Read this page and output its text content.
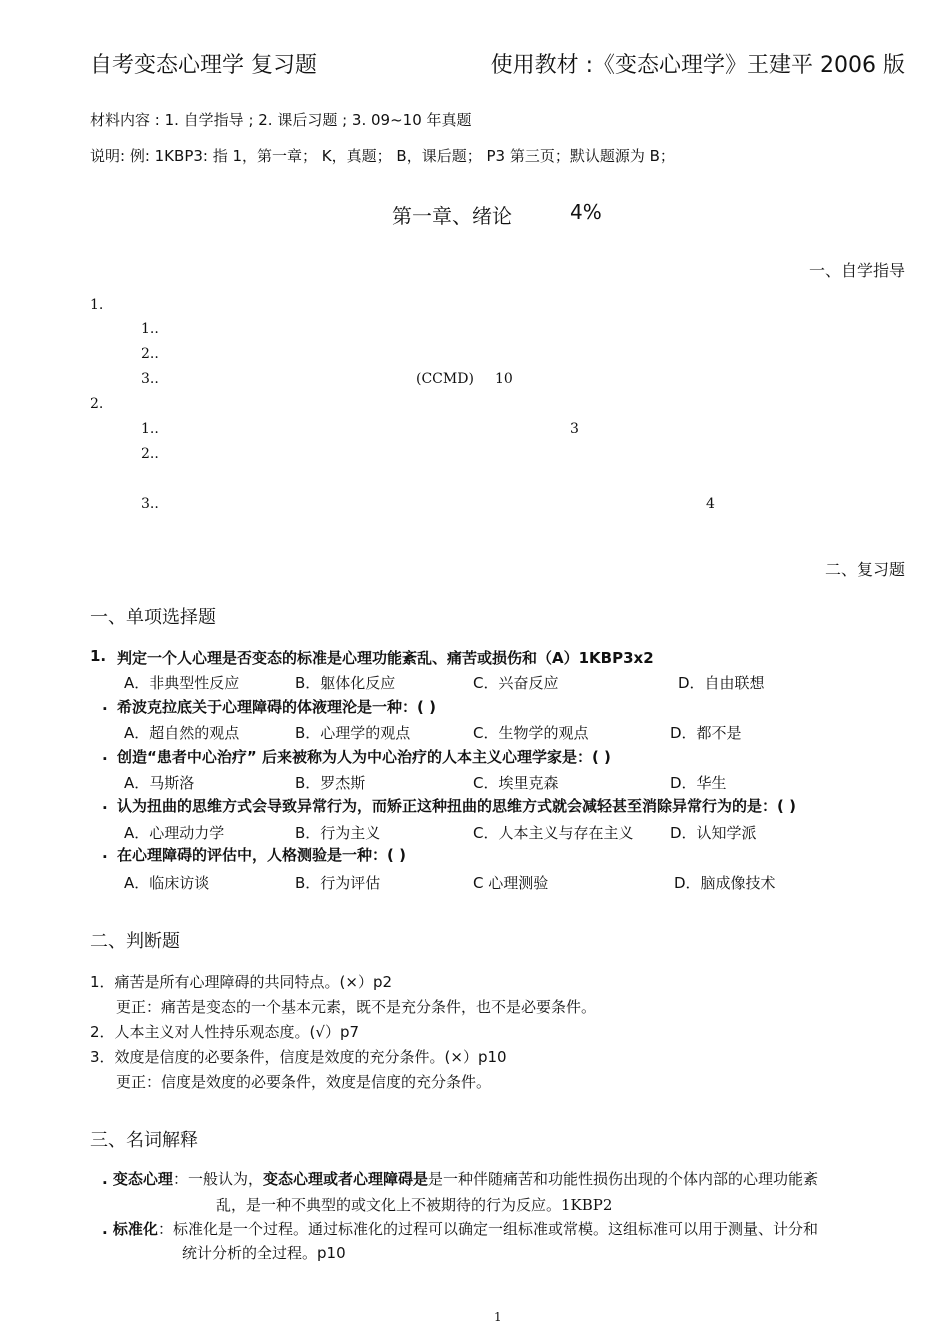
自考变态心理学 复习题	使用教材 :《变态心理学》王建平 2006 版
材料内容 : 1. 自学指导 ; 2. 课后习题 ; 3. 09~10 年真题
说明: 例: 1KBP3: 指 1，第一章； K，真题； B，课后题； P3 第三页；默认题源为 B；
第一章、绪论	4%
一、自学指导
1.
1..
2..
3..	(CCMD) 10
2.
1..	3
2..
3..	4
二、复习题
一、单项选择题
1. 判定一个人心理是否变态的标准是心理功能紊乱、痛苦或损伤和（A）1KBP3x2
A．非典型性反应	B．躯体化反应	C．兴奋反应	D．自由联想
. 希波克拉底关于心理障碍的体液理沦是一种：( )
A．超自然的观点	B．心理学的观点	C．生物学的观点	D．都不是
. 创造“患者中心治疗” 后来被称为人为中心治疗的人本主义心理学家是：( )
A．马斯洛	B．罗杰斯	C．埃里克森	D．华生
. 认为扭曲的思维方式会导致异常行为，而矫正这种扭曲的思维方式就会减轻甚至消除异常行为的是：( )
A．心理动力学	B．行为主义	C．人本主义与存在主义 D．认知学派
. 在心理障碍的评估中，人格测验是一种：( )
A．临床访谈	B．行为评估	C 心理测验	D．脑成像技术
二、判断题
1．痛苦是所有心理障碍的共同特点。(×）p2
更正：痛苦是变态的一个基本元素，既不是充分条件，也不是必要条件。
2．人本主义对人性持乐观态度。(√）p7
3．效度是信度的必要条件，信度是效度的充分条件。(×）p10
更正：信度是效度的必要条件，效度是信度的充分条件。
三、名词解释
. 变态心理：一般认为，变态心理或者心理障碍是是一种伴随痛苦和功能性损伤出现的个体内部的心理功能紊
乱，是一种不典型的或文化上不被期待的行为反应。1KBP2
. 标准化：标准化是一个过程。通过标准化的过程可以确定一组标准或常模。这组标准可以用于测量、计分和
统计分析的全过程。p10
1
